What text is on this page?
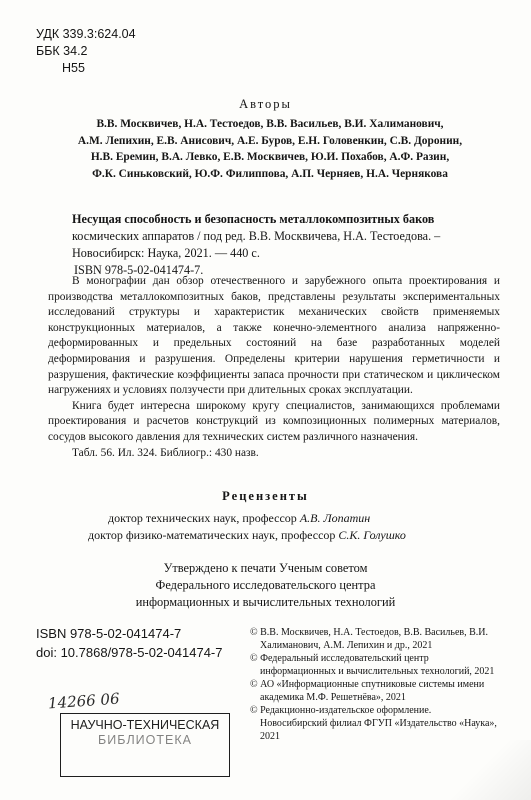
УДК 339.3:624.04
ББК 34.2
Н55
Авторы
В.В. Москвичев, Н.А. Тестоедов, В.В. Васильев, В.И. Халиманович,
А.М. Лепихин, Е.В. Анисович, А.Е. Буров, Е.Н. Головенкин, С.В. Доронин,
Н.В. Еремин, В.А. Левко, Е.В. Москвичев, Ю.И. Похабов, А.Ф. Разин,
Ф.К. Синьковский, Ю.Ф. Филиппова, А.П. Черняев, Н.А. Чернякова
Несущая способность и безопасность металлокомпозитных баков
космических аппаратов / под ред. В.В. Москвичева, Н.А. Тестоедова. –
Новосибирск: Наука, 2021. — 440 с.
ISBN 978-5-02-041474-7.

В монографии дан обзор отечественного и зарубежного опыта проектирования и производства металлокомпозитных баков, представлены результаты экспериментальных исследований структуры и характеристик механических свойств применяемых конструкционных материалов, а также конечно-элементного анализа напряженно-деформированных и предельных состояний на базе разработанных моделей деформирования и разрушения. Определены критерии нарушения герметичности и разрушения, фактические коэффициенты запаса прочности при статическом и циклическом нагружениях и условиях ползучести при длительных сроках эксплуатации.

Книга будет интересна широкому кругу специалистов, занимающихся проблемами проектирования и расчетов конструкций из композиционных полимерных материалов, сосудов высокого давления для технических систем различного назначения.

Табл. 56. Ил. 324. Библиогр.: 430 назв.

Рецензенты
доктор технических наук, профессор А.В. Лопатин
доктор физико-математических наук, профессор С.К. Голушко
Утверждено к печати Ученым советом
Федерального исследовательского центра
информационных и вычислительных технологий
ISBN 978-5-02-041474-7
doi: 10.7868/978-5-02-041474-7
© В.В. Москвичев, Н.А. Тестоедов, В.В. Васильев, В.И. Халиманович, А.М. Лепихин и др., 2021
© Федеральный исследовательский центр информационных и вычислительных технологий, 2021
© АО «Информационные спутниковые системы имени академика М.Ф. Решетнёва», 2021
© Редакционно-издательское оформление. Новосибирский филиал ФГУП «Издательство «Наука», 2021
14266 06
НАУЧНО-ТЕХНИЧЕСКАЯ
БИБЛИОТЕКА
